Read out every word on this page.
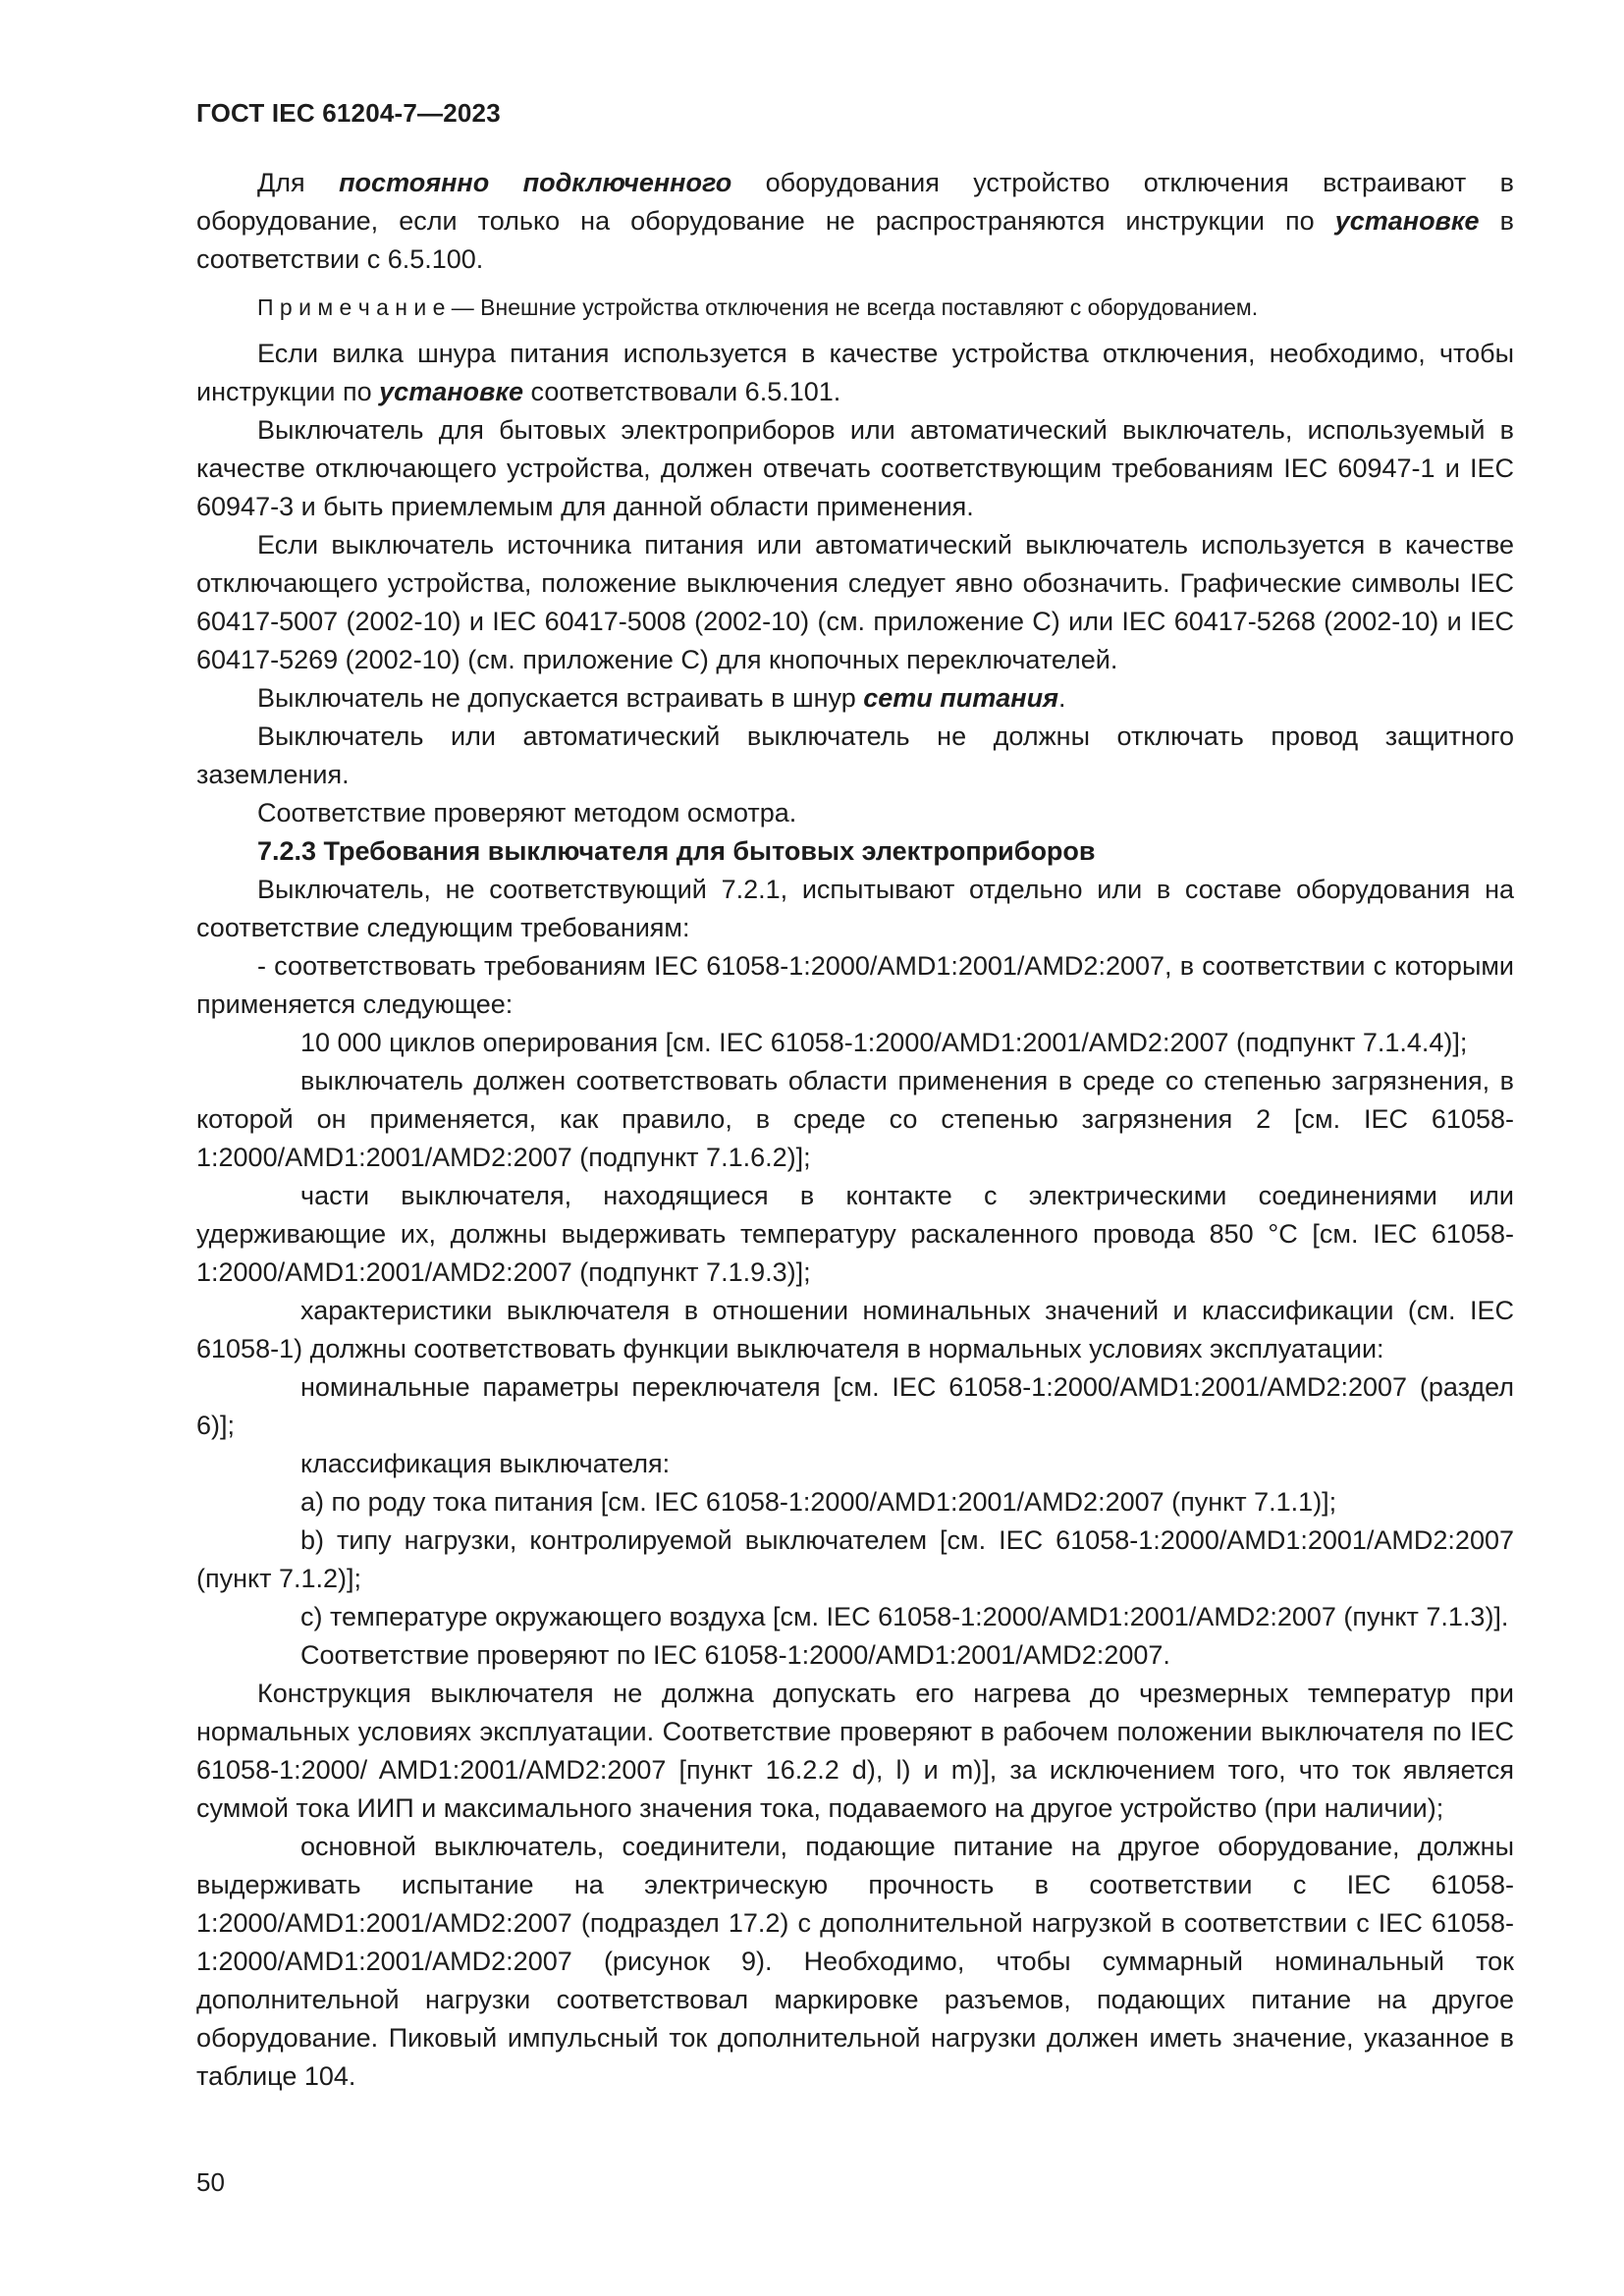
ГОСТ IEC 61204-7—2023

Для постоянно подключенного оборудования устройство отключения встраивают в оборудование, если только на оборудование не распространяются инструкции по установке в соответствии с 6.5.100.

П р и м е ч а н и е — Внешние устройства отключения не всегда поставляют с оборудованием.

Если вилка шнура питания используется в качестве устройства отключения, необходимо, чтобы инструкции по установке соответствовали 6.5.101.

Выключатель для бытовых электроприборов или автоматический выключатель, используемый в качестве отключающего устройства, должен отвечать соответствующим требованиям IEC 60947-1 и IEC 60947-3 и быть приемлемым для данной области применения.

Если выключатель источника питания или автоматический выключатель используется в качестве отключающего устройства, положение выключения следует явно обозначить. Графические символы IEC 60417-5007 (2002-10) и IEC 60417-5008 (2002-10) (см. приложение С) или IEC 60417-5268 (2002-10) и IEC 60417-5269 (2002-10) (см. приложение С) для кнопочных переключателей.

Выключатель не допускается встраивать в шнур сети питания.

Выключатель или автоматический выключатель не должны отключать провод защитного заземления.

Соответствие проверяют методом осмотра.

7.2.3 Требования выключателя для бытовых электроприборов

Выключатель, не соответствующий 7.2.1, испытывают отдельно или в составе оборудования на соответствие следующим требованиям:

- соответствовать требованиям IEC 61058-1:2000/AMD1:2001/AMD2:2007, в соответствии с которыми применяется следующее:

10 000 циклов оперирования [см. IEC 61058-1:2000/AMD1:2001/AMD2:2007 (подпункт 7.1.4.4)];

выключатель должен соответствовать области применения в среде со степенью загрязнения, в которой он применяется, как правило, в среде со степенью загрязнения 2 [см. IEC 61058-1:2000/AMD1:2001/AMD2:2007 (подпункт 7.1.6.2)];

части выключателя, находящиеся в контакте с электрическими соединениями или удерживающие их, должны выдерживать температуру раскаленного провода 850 °С [см. IEC 61058-1:2000/AMD1:2001/AMD2:2007 (подпункт 7.1.9.3)];

характеристики выключателя в отношении номинальных значений и классификации (см. IEC 61058-1) должны соответствовать функции выключателя в нормальных условиях эксплуатации:

номинальные параметры переключателя [см. IEC 61058-1:2000/AMD1:2001/AMD2:2007 (раздел 6)];

классификация выключателя:

a) по роду тока питания [см. IEC 61058-1:2000/AMD1:2001/AMD2:2007 (пункт 7.1.1)];

b) типу нагрузки, контролируемой выключателем [см. IEC 61058-1:2000/AMD1:2001/AMD2:2007 (пункт 7.1.2)];

c) температуре окружающего воздуха [см. IEC 61058-1:2000/AMD1:2001/AMD2:2007 (пункт 7.1.3)].

Соответствие проверяют по IEC 61058-1:2000/AMD1:2001/AMD2:2007.

Конструкция выключателя не должна допускать его нагрева до чрезмерных температур при нормальных условиях эксплуатации. Соответствие проверяют в рабочем положении выключателя по IEC 61058-1:2000/ AMD1:2001/AMD2:2007 [пункт 16.2.2 d), l) и m)], за исключением того, что ток является суммой тока ИИП и максимального значения тока, подаваемого на другое устройство (при наличии);

основной выключатель, соединители, подающие питание на другое оборудование, должны выдерживать испытание на электрическую прочность в соответствии с IEC 61058-1:2000/AMD1:2001/AMD2:2007 (подраздел 17.2) с дополнительной нагрузкой в соответствии с IEC 61058-1:2000/AMD1:2001/AMD2:2007 (рисунок 9). Необходимо, чтобы суммарный номинальный ток дополнительной нагрузки соответствовал маркировке разъемов, подающих питание на другое оборудование. Пиковый импульсный ток дополнительной нагрузки должен иметь значение, указанное в таблице 104.

50
